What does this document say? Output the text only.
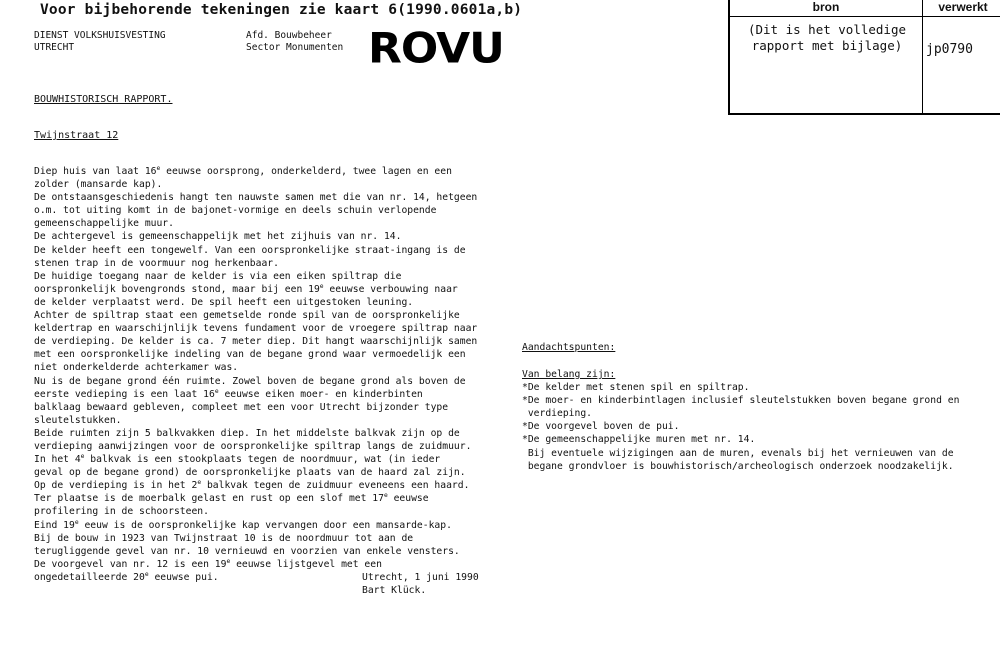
Voor bijbehorende tekeningen zie kaart 6(1990.0601a,b)
DIENST VOLKSHUISVESTING
UTRECHT
Afd. Bouwbeheer
Sector Monumenten ROVU
bron	verwerkt
(Dit is het volledige
rapport met bijlage)	jp0790
BOUWHISTORISCH RAPPORT.
Twijnstraat 12
Diep huis van laat 16e eeuwse oorsprong, onderkelderd, twee lagen en een
zolder (mansarde kap).
De ontstaansgeschiedenis hangt ten nauwste samen met die van nr. 14, hetgeen
o.m. tot uiting komt in de bajonet-vormige en deels schuin verlopende
gemeenschappelijke muur.
De achtergevel is gemeenschappelijk met het zijhuis van nr. 14.
De kelder heeft een tongewelf. Van een oorspronkelijke straat-ingang is de
stenen trap in de voormuur nog herkenbaar.
De huidige toegang naar de kelder is via een eiken spiltrap die
oorspronkelijk bovengronds stond, maar bij een 19e eeuwse verbouwing naar
de kelder verplaatst werd. De spil heeft een uitgestoken leuning.
Achter de spiltrap staat een gemetselde ronde spil van de oorspronkelijke
keldertrap en waarschijnlijk tevens fundament voor de vroegere spiltrap naar
de verdieping. De kelder is ca. 7 meter diep. Dit hangt waarschijnlijk samen
met een oorspronkelijke indeling van de begane grond waar vermoedelijk een
niet onderkelderde achterkamer was.
Nu is de begane grond één ruimte. Zowel boven de begane grond als boven de
eerste vedieping is een laat 16e eeuwse eiken moer- en kinderbinten
balklaag bewaard gebleven, compleet met een voor Utrecht bijzonder type
sleutelstukken.
Beide ruimten zijn 5 balkvakken diep. In het middelste balkvak zijn op de
verdieping aanwijzingen voor de oorspronkelijke spiltrap langs de zuidmuur.
In het 4e balkvak is een stookplaats tegen de noordmuur, wat (in ieder
geval op de begane grond) de oorspronkelijke plaats van de haard zal zijn.
Op de verdieping is in het 2e balkvak tegen de zuidmuur eveneens een haard.
Ter plaatse is de moerbalk gelast en rust op een slof met 17e eeuwse
profilering in de schoorsteen.
Eind 19e eeuw is de oorspronkelijke kap vervangen door een mansarde-kap.
Bij de bouw in 1923 van Twijnstraat 10 is de noordmuur tot aan de
terugliggende gevel van nr. 10 vernieuwd en voorzien van enkele vensters.
De voorgevel van nr. 12 is een 19e eeuwse lijstgevel met een
ongedetailleerde 20e eeuwse pui.	Utrecht, 1 juni 1990
Bart Klück.
Aandachtspunten:
Van belang zijn:
*De kelder met stenen spil en spiltrap.
*De moer- en kinderbintlagen inclusief sleutelstukken boven begane grond en
verdieping.
*De voorgevel boven de pui.
*De gemeenschappelijke muren met nr. 14.
Bij eventuele wijzigingen aan de muren, evenals bij het vernieuwen van de
begane grondvloer is bouwhistorisch/archeologisch onderzoek noodzakelijk.
